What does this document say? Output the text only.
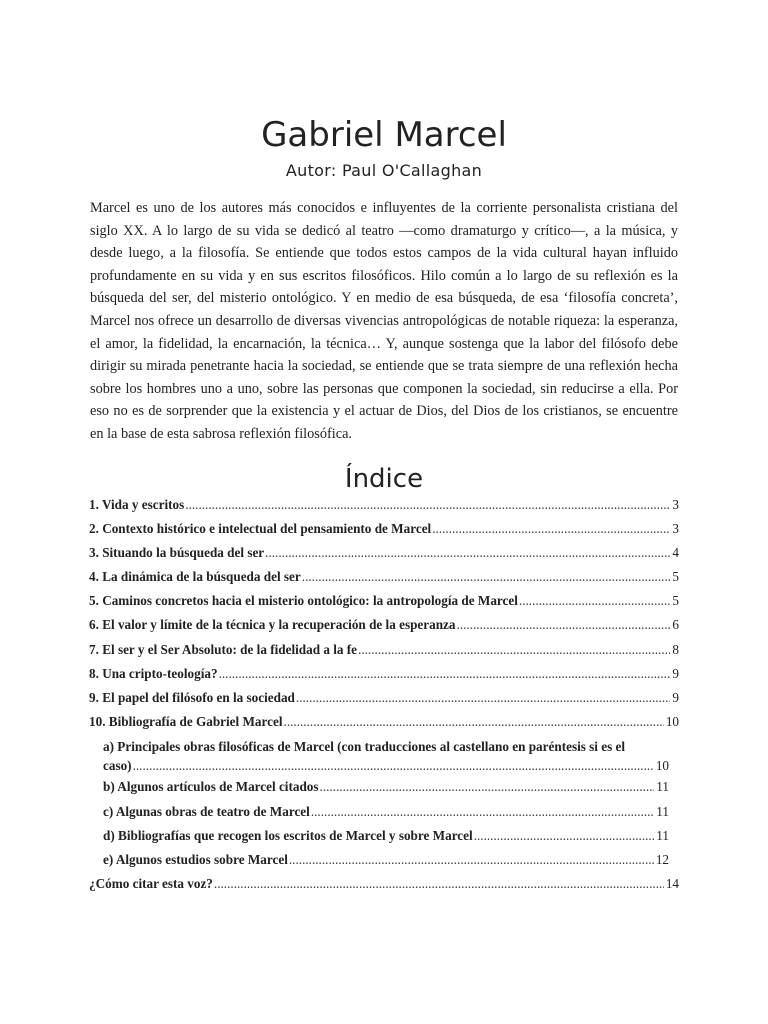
Gabriel Marcel

Autor: Paul O'Callaghan

Marcel es uno de los autores más conocidos e influyentes de la corriente personalista cristiana del siglo XX. A lo largo de su vida se dedicó al teatro —como dramaturgo y crítico—, a la música, y desde luego, a la filosofía. Se entiende que todos estos campos de la vida cultural hayan influido profundamente en su vida y en sus escritos filosóficos. Hilo común a lo largo de su reflexión es la búsqueda del ser, del misterio ontológico. Y en medio de esa búsqueda, de esa ‘filosofía concreta’, Marcel nos ofrece un desarrollo de diversas vivencias antropológicas de notable riqueza: la esperanza, el amor, la fidelidad, la encarnación, la técnica… Y, aunque sostenga que la labor del filósofo debe dirigir su mirada penetrante hacia la sociedad, se entiende que se trata siempre de una reflexión hecha sobre los hombres uno a uno, sobre las personas que componen la sociedad, sin reducirse a ella. Por eso no es de sorprender que la existencia y el actuar de Dios, del Dios de los cristianos, se encuentre en la base de esta sabrosa reflexión filosófica.

Índice
1. Vida y escritos .....	3
2. Contexto histórico e intelectual del pensamiento de Marcel .....	3
3. Situando la búsqueda del ser .....	4
4. La dinámica de la búsqueda del ser .....	5
5. Caminos concretos hacia el misterio ontológico: la antropología de Marcel .....	5
6. El valor y límite de la técnica y la recuperación de la esperanza .....	6
7. El ser y el Ser Absoluto: de la fidelidad a la fe .....	8
8. Una cripto-teología? .....	9
9. El papel del filósofo en la sociedad .....	9
10. Bibliografía de Gabriel Marcel .....	10
a) Principales obras filosóficas de Marcel (con traducciones al castellano en paréntesis si es el
caso) .....	10
b) Algunos artículos de Marcel citados .....	11
c) Algunas obras de teatro de Marcel .....	11
d) Bibliografías que recogen los escritos de Marcel y sobre Marcel .....	11
e) Algunos estudios sobre Marcel .....	12
¿Cómo citar esta voz? .....	14
